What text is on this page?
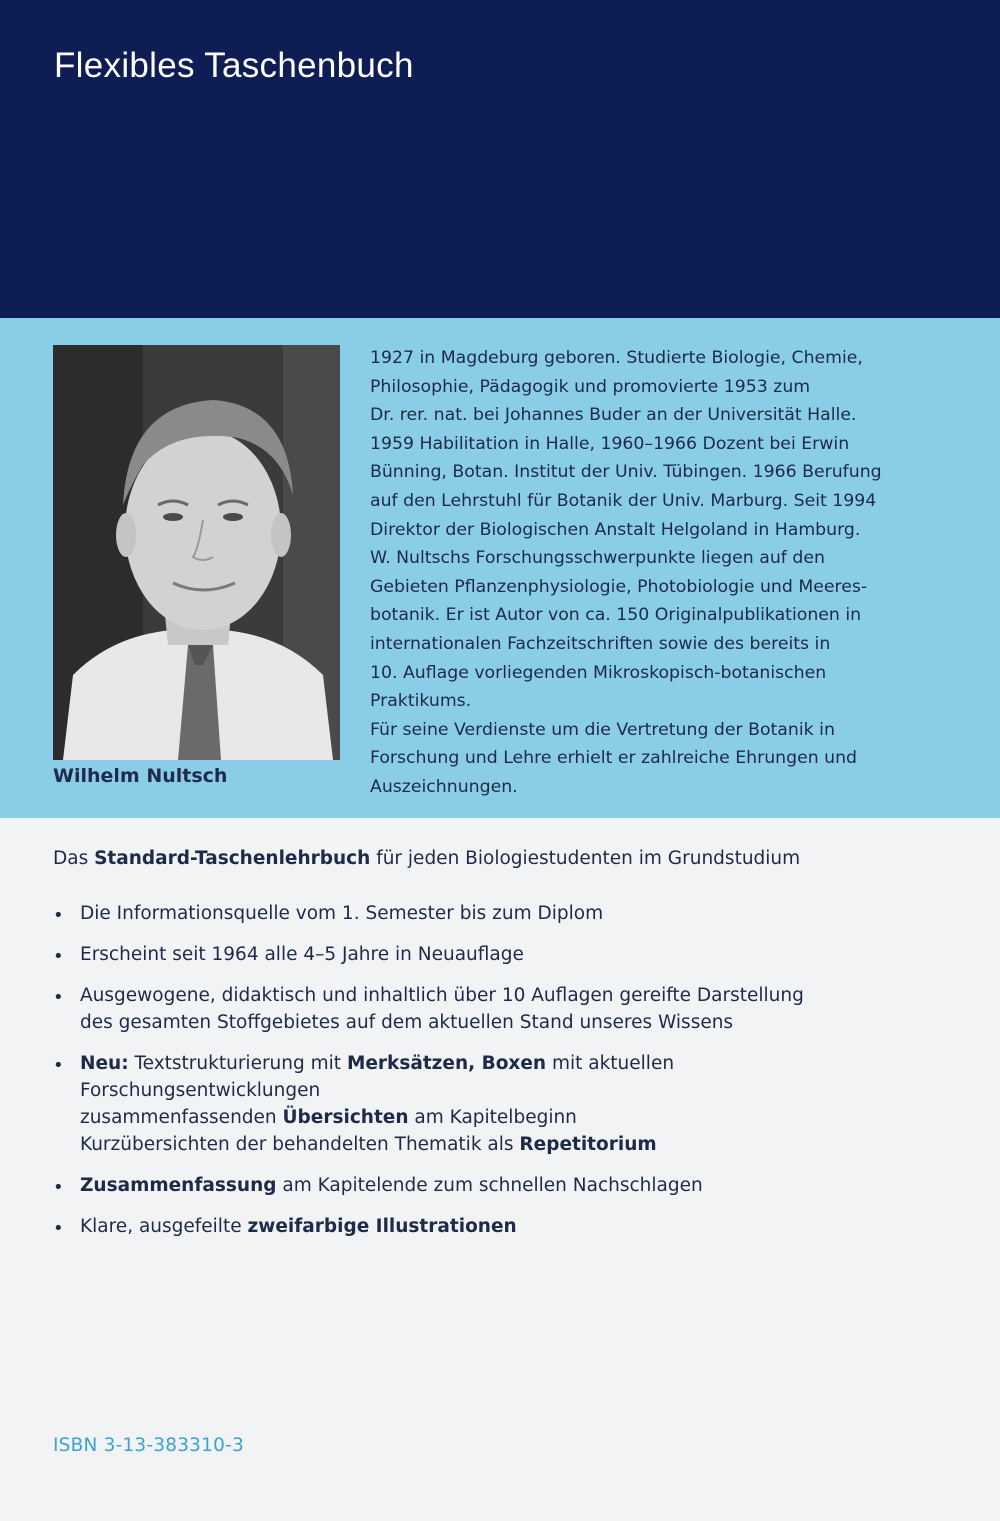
Flexibles Taschenbuch
Wilhelm Nultsch

1927 in Magdeburg geboren. Studierte Biologie, Chemie,

Philosophie, Pädagogik und promovierte 1953 zum

Dr. rer. nat. bei Johannes Buder an der Universität Halle.

1959 Habilitation in Halle, 1960–1966 Dozent bei Erwin

Bünning, Botan. Institut der Univ. Tübingen. 1966 Berufung

auf den Lehrstuhl für Botanik der Univ. Marburg. Seit 1994

Direktor der Biologischen Anstalt Helgoland in Hamburg.

W. Nultschs Forschungsschwerpunkte liegen auf den

Gebieten Pflanzenphysiologie, Photobiologie und Meeres-

botanik. Er ist Autor von ca. 150 Originalpublikationen in

internationalen Fachzeitschriften sowie des bereits in

10. Auflage vorliegenden Mikroskopisch-botanischen

Praktikums.

Für seine Verdienste um die Vertretung der Botanik in

Forschung und Lehre erhielt er zahlreiche Ehrungen und

Auszeichnungen.

Das Standard-Taschenlehrbuch für jeden Biologiestudenten im Grundstudium
• Die Informationsquelle vom 1. Semester bis zum Diplom
• Erscheint seit 1964 alle 4–5 Jahre in Neuauflage
• Ausgewogene, didaktisch und inhaltlich über 10 Auflagen gereifte Darstellung
des gesamten Stoffgebietes auf dem aktuellen Stand unseres Wissens
• Neu: Textstrukturierung mit Merksätzen, Boxen mit aktuellen
Forschungsentwicklungen
zusammenfassenden Übersichten am Kapitelbeginn
Kurzübersichten der behandelten Thematik als Repetitorium
• Zusammenfassung am Kapitelende zum schnellen Nachschlagen
• Klare, ausgefeilte zweifarbige Illustrationen
ISBN 3-13-383310-3
